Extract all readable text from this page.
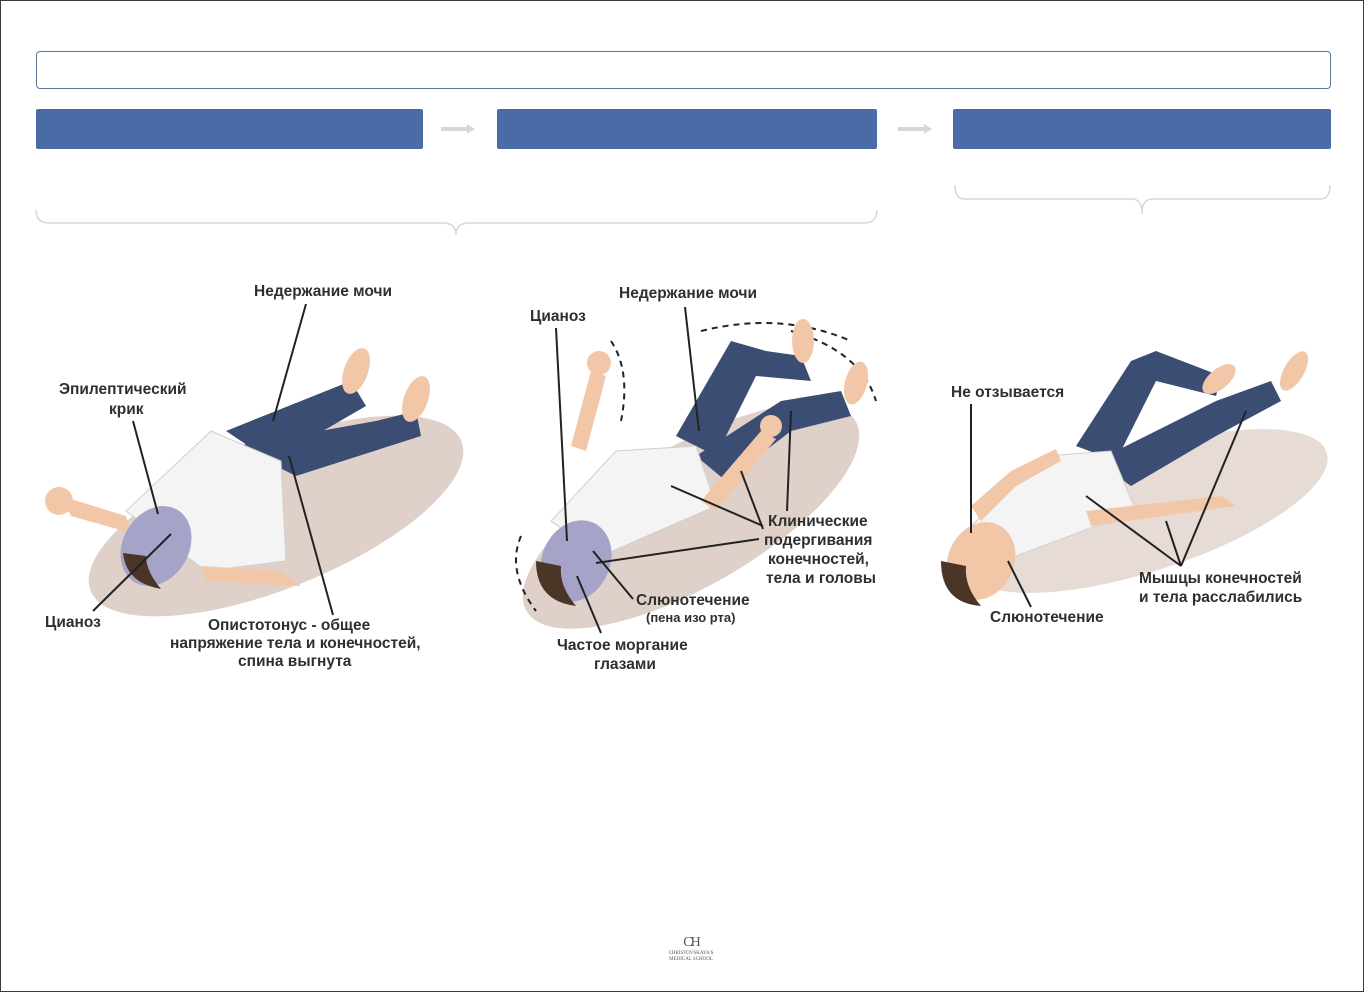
Недержание мочи
Эпилептический
крик
Цианоз	Опистотонус - общее
напряжение тела и конечностей,
спина выгнута
Недержание мочи
Цианоз
Клинические
подергивания
конечностей,
тела и головы
Слюнотечение
(пена изо рта)
Частое моргание
глазами
Не отзывается
Слюнотечение
Мышцы конечностей
и тела расслабились
CH
CHRISTOVSKAYA'S
MEDICAL SCHOOL
